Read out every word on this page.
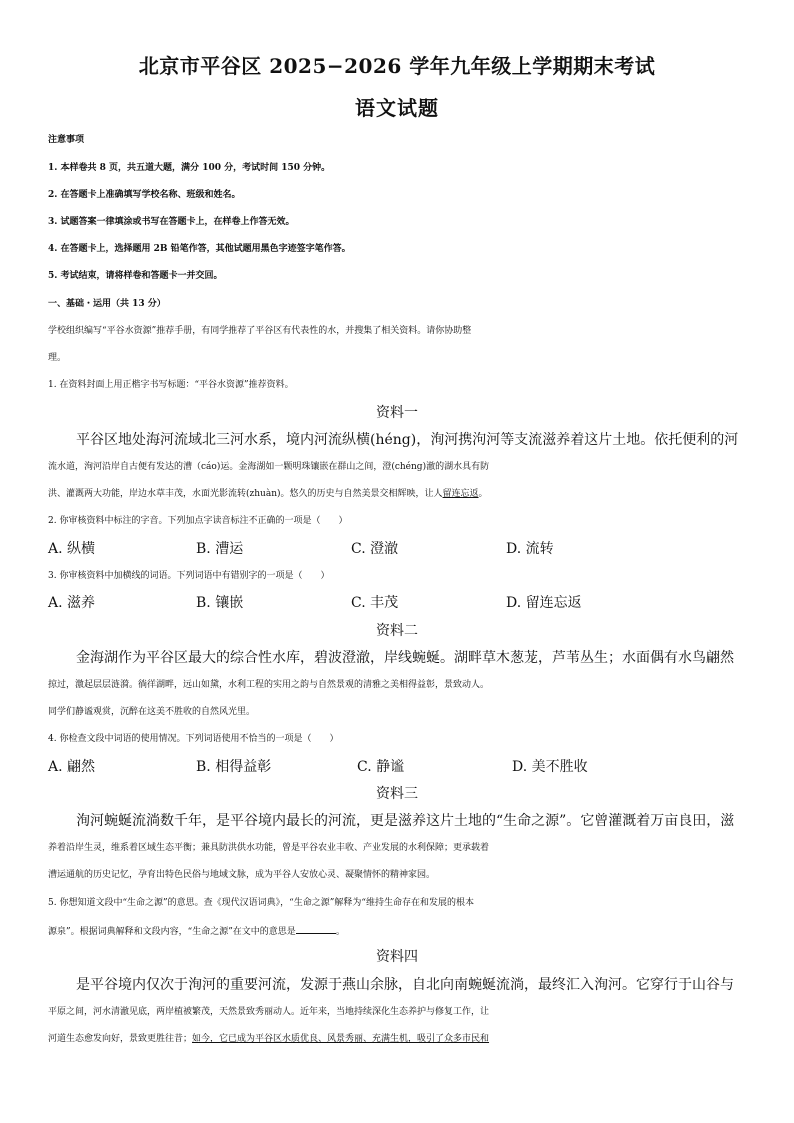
北京市平谷区 2025−2026 学年九年级上学期期末考试
语文试题
注意事项
1. 本样卷共 8 页，共五道大题，满分 100 分，考试时间 150 分钟。
2. 在答题卡上准确填写学校名称、班级和姓名。
3. 试题答案一律填涂或书写在答题卡上，在样卷上作答无效。
4. 在答题卡上，选择题用 2B 铅笔作答，其他试题用黑色字迹签字笔作答。
5. 考试结束，请将样卷和答题卡一并交回。
一、基础・运用（共 13 分）
学校组织编写“平谷水资源”推荐手册，有同学推荐了平谷区有代表性的水，并搜集了相关资料。请你协助整
理。
1. 在资料封面上用正楷字书写标题：“平谷水资源”推荐资料。
资料一
平谷区地处海河流域北三河水系，境内河流纵横(héng)，洵河携泃河等支流滋养着这片土地。依托便利的河
流水道，洵河沿岸自古便有发达的漕（cáo)运。金海湖如一颗明珠镶嵌在群山之间，澄(chéng)澈的湖水具有防
洪、灌溉两大功能，岸边水草丰茂，水面光影流转(zhuàn)。悠久的历史与自然美景交相辉映，让人留连忘返。
2. 你审核资料中标注的字音。下列加点字读音标注不正确的一项是（　　）
A. 纵横	B. 漕运	C. 澄澈	D. 流转
3. 你审核资料中加横线的词语。下列词语中有错别字的一项是（　　）
A. 滋养	B. 镶嵌	C. 丰茂	D. 留连忘返
资料二
金海湖作为平谷区最大的综合性水库，碧波澄澈，岸线蜿蜒。湖畔草木葱茏，芦苇丛生；水面偶有水鸟翩然
掠过，激起层层涟漪。徜徉湖畔，远山如黛，水利工程的实用之韵与自然景观的清雅之美相得益彰，景致动人。
同学们静谧观赏，沉醉在这美不胜收的自然风光里。
4. 你检查文段中词语的使用情况。下列词语使用不恰当的一项是（　　）
A. 翩然	B. 相得益彰	C. 静谧	D. 美不胜收
资料三
洵河蜿蜒流淌数千年，是平谷境内最长的河流，更是滋养这片土地的“生命之源”。它曾灌溉着万亩良田，滋
养着沿岸生灵，维系着区域生态平衡；兼具防洪供水功能，曾是平谷农业丰收、产业发展的水利保障；更承载着
漕运通航的历史记忆，孕育出特色民俗与地域文脉，成为平谷人安放心灵、凝聚情怀的精神家园。
5. 你想知道文段中“生命之源”的意思。查《现代汉语词典》，“生命之源”解释为“维持生命存在和发展的根本
源泉”。根据词典解释和文段内容，“生命之源”在文中的意思是	。
资料四
是平谷境内仅次于洵河的重要河流，发源于燕山余脉，自北向南蜿蜒流淌，最终汇入洵河。它穿行于山谷与
平原之间，河水清澈见底，两岸植被繁茂，天然景致秀丽动人。近年来，当地持续深化生态养护与修复工作，让
河道生态愈发向好，景致更胜往昔；如今，它已成为平谷区水质优良、风景秀丽、充满生机，吸引了众多市民和
